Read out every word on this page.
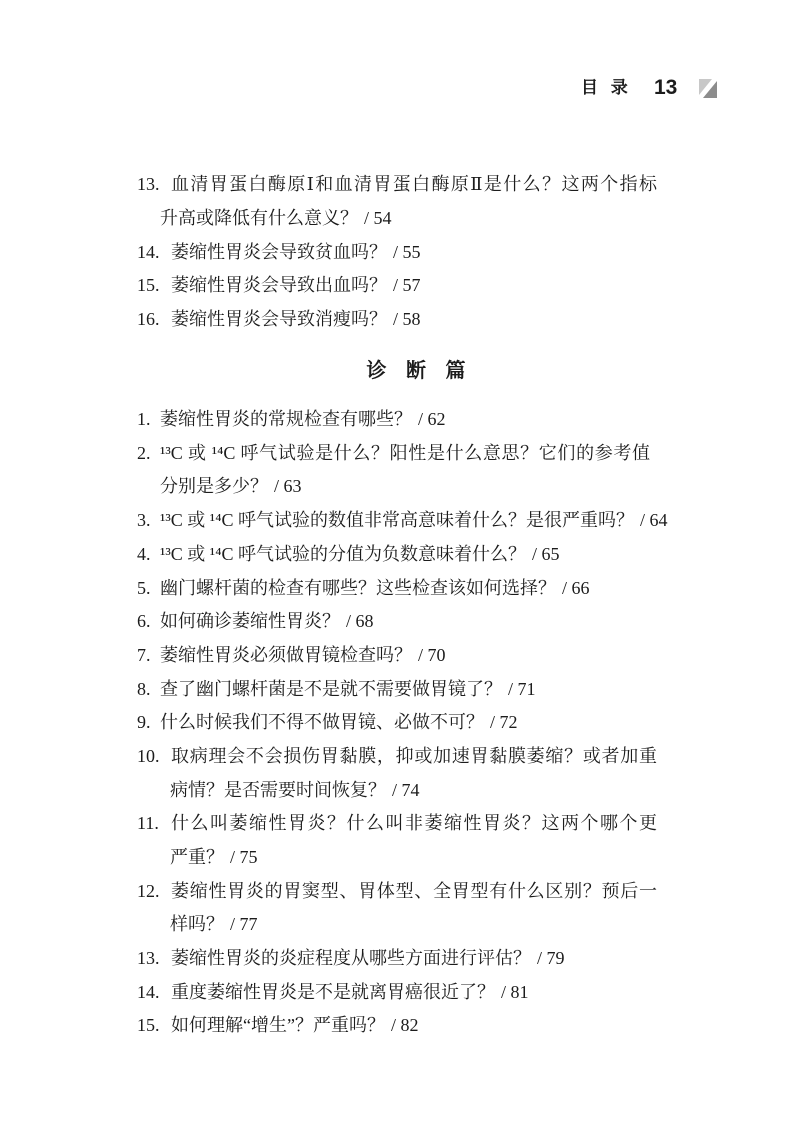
目 录 13
13. 血清胃蛋白酶原Ⅰ和血清胃蛋白酶原Ⅱ是什么？这两个指标
升高或降低有什么意义？ / 54
14. 萎缩性胃炎会导致贫血吗？ / 55
15. 萎缩性胃炎会导致出血吗？ / 57
16. 萎缩性胃炎会导致消瘦吗？ / 58
诊 断 篇
1. 萎缩性胃炎的常规检查有哪些？ / 62
2. ¹³C 或 ¹⁴C 呼气试验是什么？阳性是什么意思？它们的参考值
分别是多少？ / 63
3. ¹³C 或 ¹⁴C 呼气试验的数值非常高意味着什么？是很严重吗？ / 64
4. ¹³C 或 ¹⁴C 呼气试验的分值为负数意味着什么？ / 65
5. 幽门螺杆菌的检查有哪些？这些检查该如何选择？ / 66
6. 如何确诊萎缩性胃炎？ / 68
7. 萎缩性胃炎必须做胃镜检查吗？ / 70
8. 查了幽门螺杆菌是不是就不需要做胃镜了？ / 71
9. 什么时候我们不得不做胃镜、必做不可？ / 72
10. 取病理会不会损伤胃黏膜，抑或加速胃黏膜萎缩？或者加重
病情？是否需要时间恢复？ / 74
11. 什么叫萎缩性胃炎？什么叫非萎缩性胃炎？这两个哪个更
严重？ / 75
12. 萎缩性胃炎的胃窦型、胃体型、全胃型有什么区别？预后一
样吗？ / 77
13. 萎缩性胃炎的炎症程度从哪些方面进行评估？ / 79
14. 重度萎缩性胃炎是不是就离胃癌很近了？ / 81
15. 如何理解“增生”？严重吗？ / 82
